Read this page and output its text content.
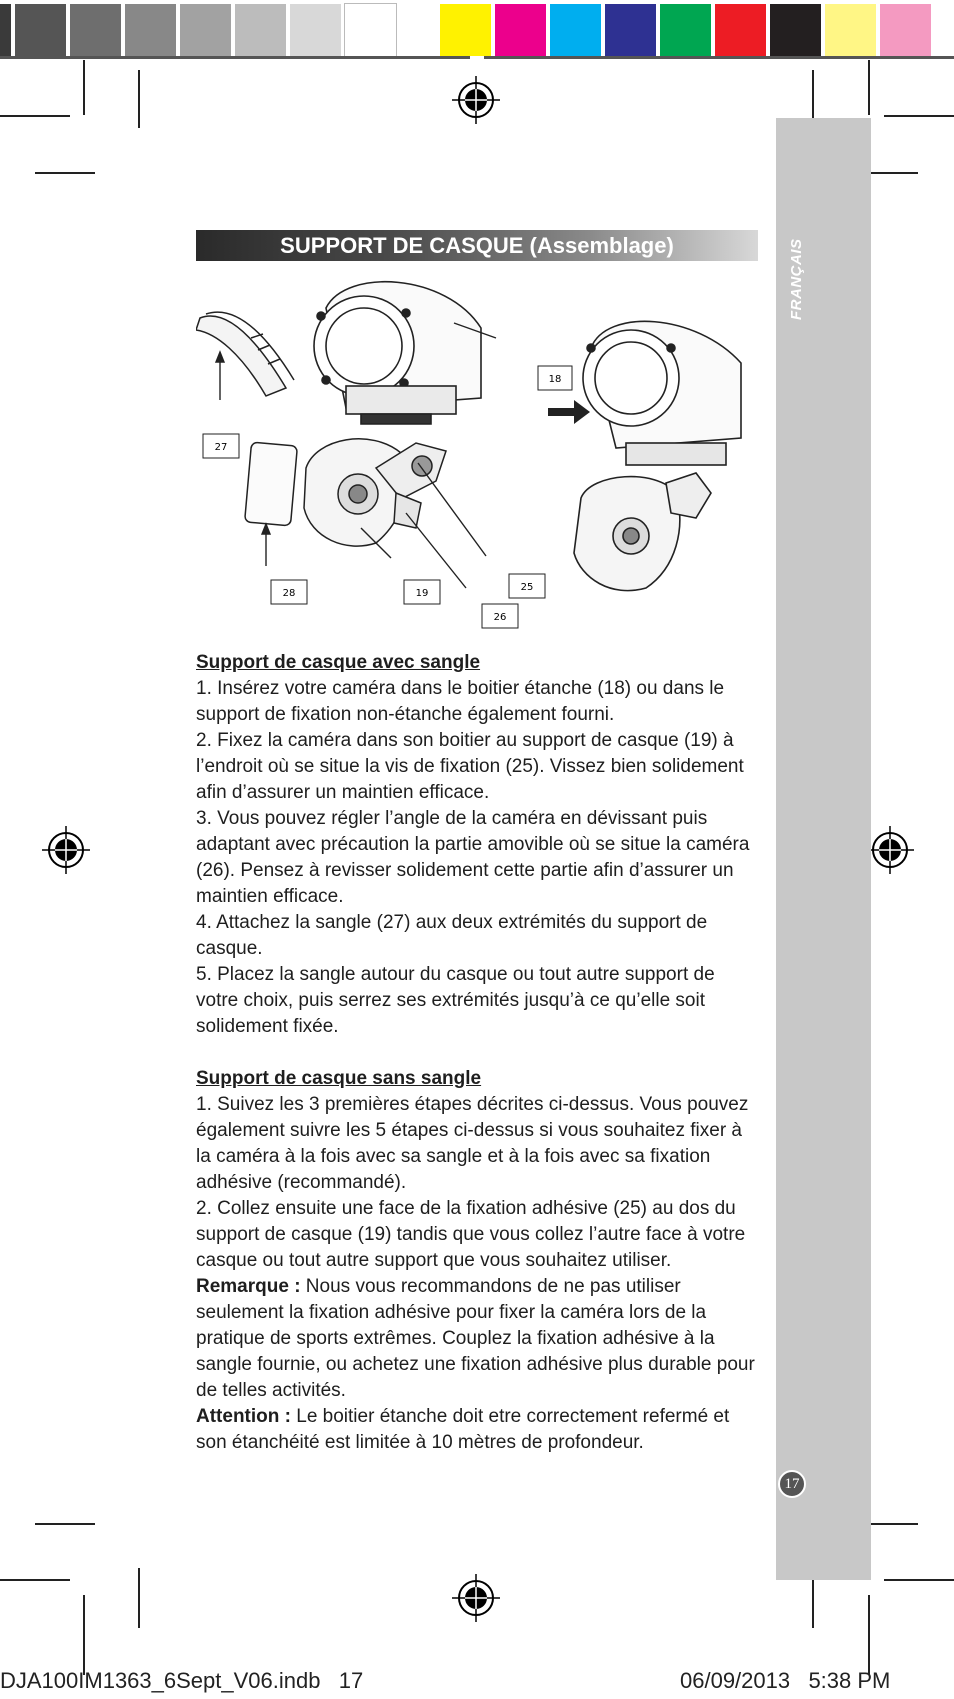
FRANÇAIS
17
SUPPORT DE CASQUE (Assemblage)
18
27
28	19
25
26

Support de casque avec sangle

1. Insérez votre caméra dans le boitier étanche (18) ou dans le support de fixation non-étanche également fourni.

2. Fixez la caméra dans son boitier au support de casque (19) à l’endroit où se situe la vis de fixation (25). Vissez bien solidement afin d’assurer un maintien efficace.

3. Vous pouvez régler l’angle de la caméra en dévissant puis adaptant avec précaution la partie amovible où se situe la caméra (26). Pensez à revisser solidement cette partie afin d’assurer un maintien efficace.

4. Attachez la sangle (27) aux deux extrémités du support de casque.

5. Placez la sangle autour du casque ou tout autre support de votre choix, puis serrez ses extrémités jusqu’à ce qu’elle soit solidement fixée.

Support de casque sans sangle

1. Suivez les 3 premières étapes décrites ci-dessus. Vous pouvez également suivre les 5 étapes ci-dessus si vous souhaitez fixer à la caméra à la fois avec sa sangle et à la fois avec sa fixation adhésive (recommandé).

2. Collez ensuite une face de la fixation adhésive (25) au dos du support de casque (19) tandis que vous collez l’autre face à votre casque ou tout autre support que vous souhaitez utiliser.

Remarque : Nous vous recommandons de ne pas utiliser seulement la fixation adhésive pour fixer la caméra lors de la pratique de sports extrêmes. Couplez la fixation adhésive à la sangle fournie, ou achetez une fixation adhésive plus durable pour de telles activités.

Attention : Le boitier étanche doit etre correctement refermé et son étanchéité est limitée à 10 mètres de profondeur.

DJA100IM1363_6Sept_V06.indb   17	06/09/2013   5:38 PM
